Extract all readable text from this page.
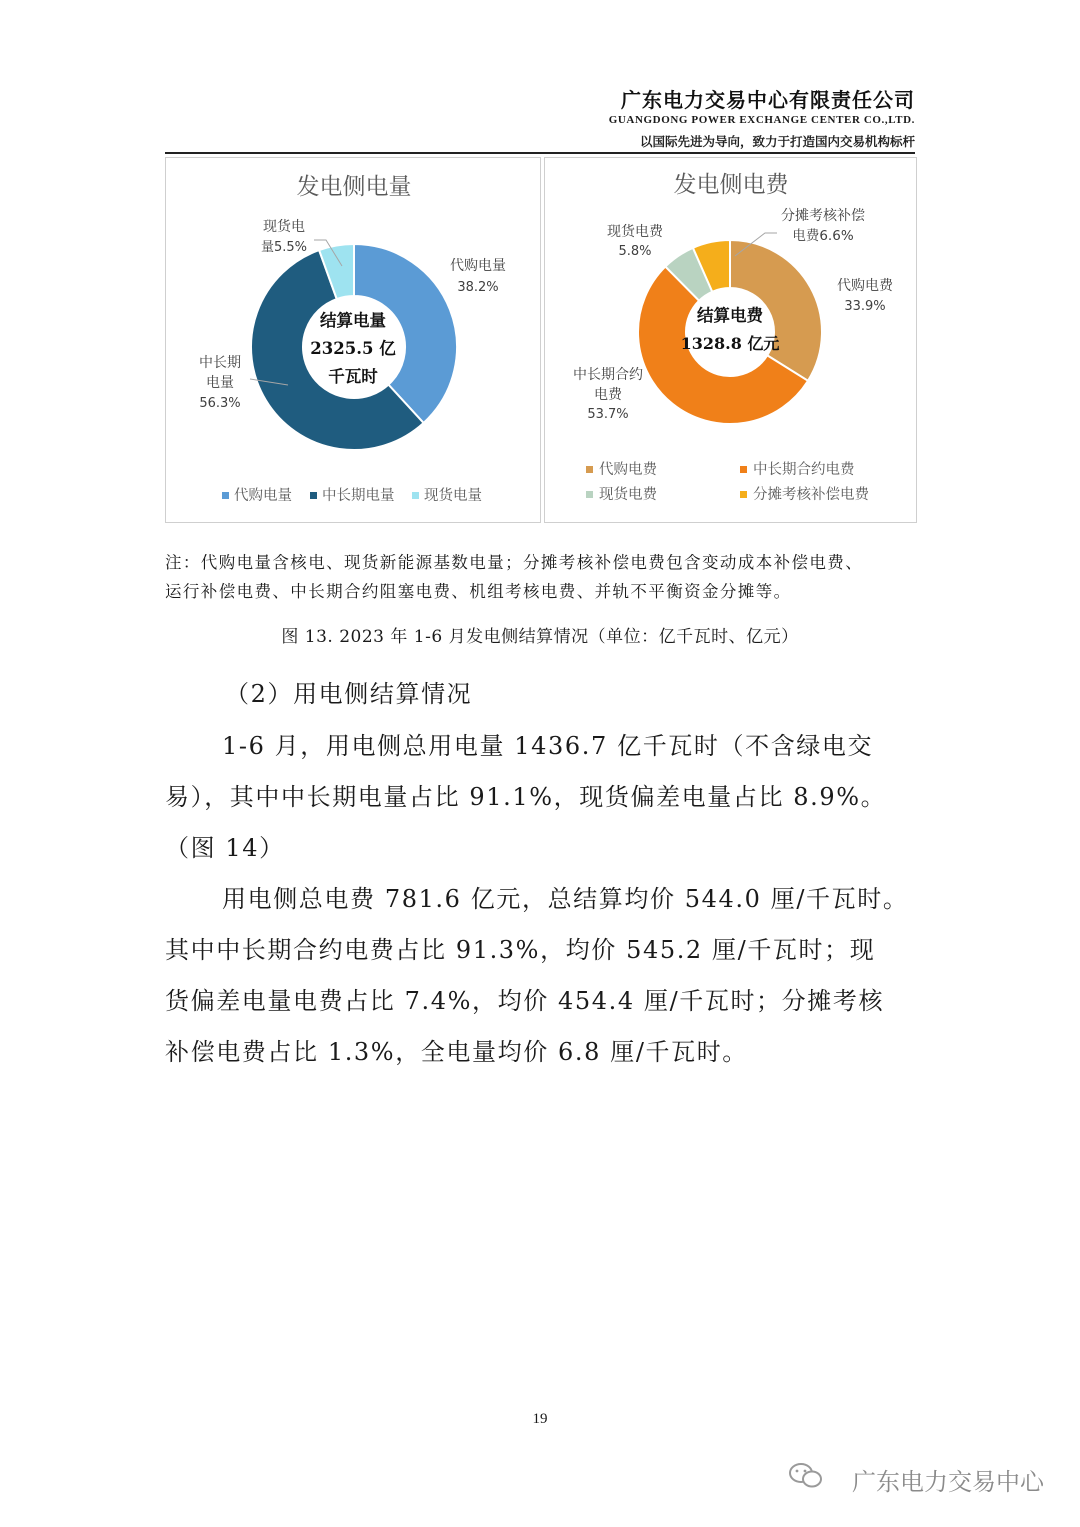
广东电力交易中心有限责任公司
GUANGDONG POWER EXCHANGE CENTER CO.,LTD.
以国际先进为导向，致力于打造国内交易机构标杆
发电侧电量
结算电量
2325.5 亿
千瓦时
代购电量
38.2%
中长期
电量
56.3%
现货电
量5.5%
代购电量 中长期电量 现货电量
发电侧电费
结算电费
1328.8 亿元
代购电费
33.9%
中长期合约
电费
53.7%
现货电费
5.8%
分摊考核补偿
电费6.6%
代购电费	中长期合约电费
现货电费	分摊考核补偿电费
注：代购电量含核电、现货新能源基数电量；分摊考核补偿电费包含变动成本补偿电费、
运行补偿电费、中长期合约阻塞电费、机组考核电费、并轨不平衡资金分摊等。
图 13. 2023 年 1-6 月发电侧结算情况（单位：亿千瓦时、亿元）
（2）用电侧结算情况
1-6 月，用电侧总用电量 1436.7 亿千瓦时（不含绿电交
易），其中中长期电量占比 91.1%，现货偏差电量占比 8.9%。
（图 14）
用电侧总电费 781.6 亿元，总结算均价 544.0 厘/千瓦时。
其中中长期合约电费占比 91.3%，均价 545.2 厘/千瓦时；现
货偏差电量电费占比 7.4%，均价 454.4 厘/千瓦时；分摊考核
补偿电费占比 1.3%，全电量均价 6.8 厘/千瓦时。
19
广东电力交易中心
